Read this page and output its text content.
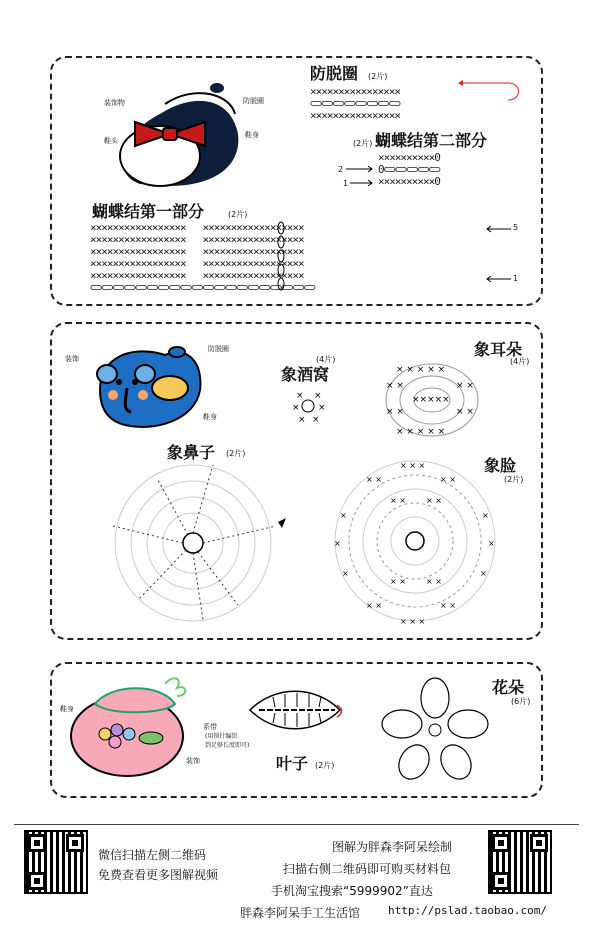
装饰物	防脱圈
鞋头
鞋身
防脱圈 (2片)
××××××××××××××××
⊂⊃⊂⊃⊂⊃⊂⊃⊂⊃⊂⊃⊂⊃⊂⊃
××××××××××××××××
蝴蝶结第二部分
(2片)
××××××××××0
0⊂⊃⊂⊃⊂⊃⊂⊃⊂⊃
××××××××××0
2
1
蝴蝶结第一部分	(2片)
×××××××××××××××××   ××××××××××××××××××
×××××××××××××××××   ××××××××××××××××××
×××××××××××××××××   ××××××××××××××××××
×××××××××××××××××   ××××××××××××××××××
×××××××××××××××××   ××××××××××××××××××
⊂⊃⊂⊃⊂⊃⊂⊃⊂⊃⊂⊃⊂⊃⊂⊃⊂⊃⊂⊃⊂⊃⊂⊃⊂⊃⊂⊃⊂⊃⊂⊃⊂⊃⊂⊃⊂⊃⊂⊃
5
1
装饰
防脱圈
鞋身
象酒窝
(4片)
× ×
× ×
× ×
象耳朵
(4片)
× × × × ×
× ×	× ×
×××××
× ×	× ×
× × × × ×
象鼻子 (2片)
象脸
(2片)
× × ×
× ×	× ×
×	×
×	×
×	×
× ×	× ×
× × ×
× ×	× ×
× ×	× ×
鞋身
系带
(用锁针编织
到足够长度即可)
装饰	叶子 (2片)
花朵
(6片)
微信扫描左侧二维码
免费查看更多图解视频
图解为胖森李阿呆绘制
扫描右侧二维码即可购买材料包
手机淘宝搜索“5999902”直达
胖森李阿呆手工生活馆	http://pslad.taobao.com/
